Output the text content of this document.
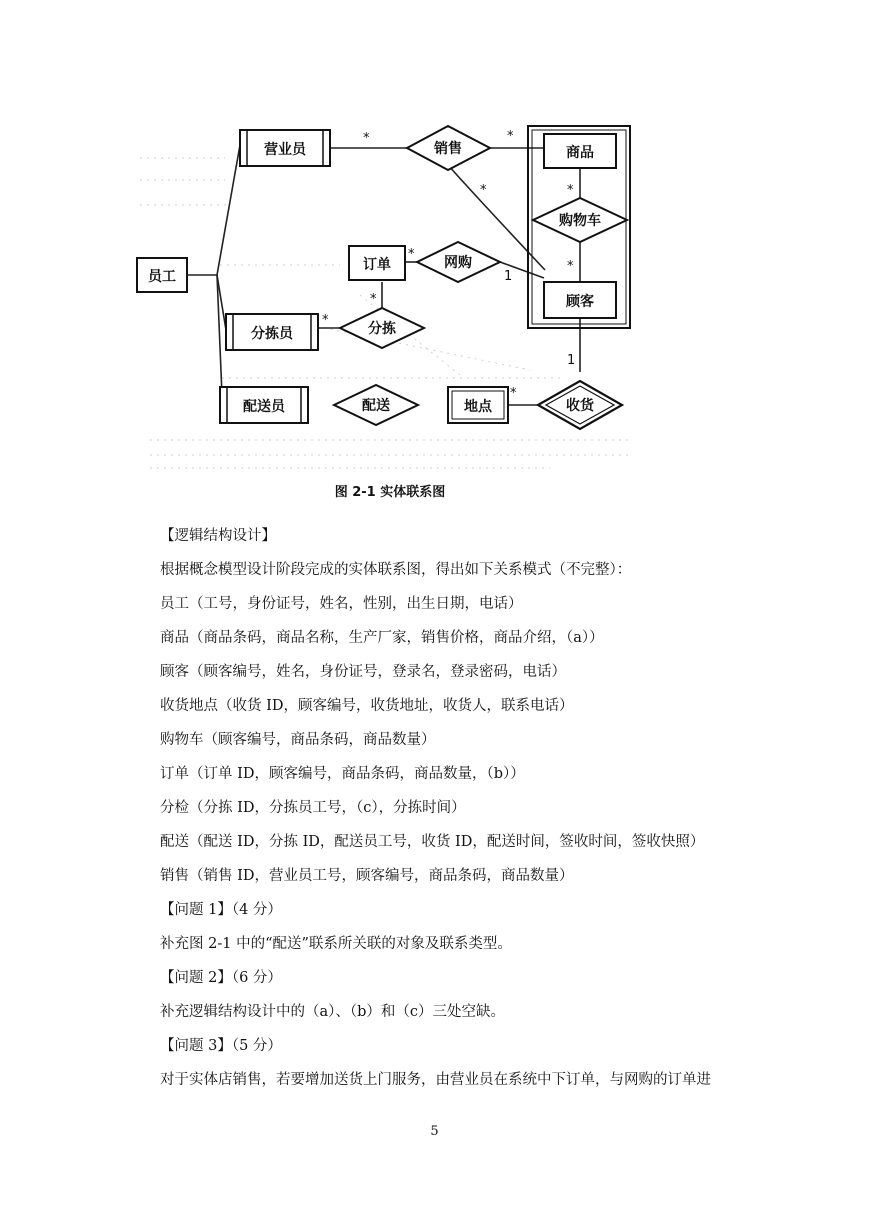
营业员	商品
员工
订单
顾客
分拣员
配送员	地点
销售
购物车
网购
分拣
配送	收货
*	*
*	*
*
*
1
*
*
1
*
图 2-1 实体联系图
【逻辑结构设计】
根据概念模型设计阶段完成的实体联系图，得出如下关系模式（不完整）：
员工（工号，身份证号，姓名，性别，出生日期，电话）
商品（商品条码，商品名称，生产厂家，销售价格，商品介绍，（a））
顾客（顾客编号，姓名，身份证号，登录名，登录密码，电话）
收货地点（收货 ID，顾客编号，收货地址，收货人，联系电话）
购物车（顾客编号，商品条码，商品数量）
订单（订单 ID，顾客编号，商品条码，商品数量，（b））
分检（分拣 ID，分拣员工号，（c），分拣时间）
配送（配送 ID，分拣 ID，配送员工号，收货 ID，配送时间，签收时间，签收快照）
销售（销售 ID，营业员工号，顾客编号，商品条码，商品数量）
【问题 1】（4 分）
补充图 2-1 中的“配送”联系所关联的对象及联系类型。
【问题 2】（6 分）
补充逻辑结构设计中的（a）、（b）和（c）三处空缺。
【问题 3】（5 分）
对于实体店销售，若要增加送货上门服务，由营业员在系统中下订单，与网购的订单进
5
